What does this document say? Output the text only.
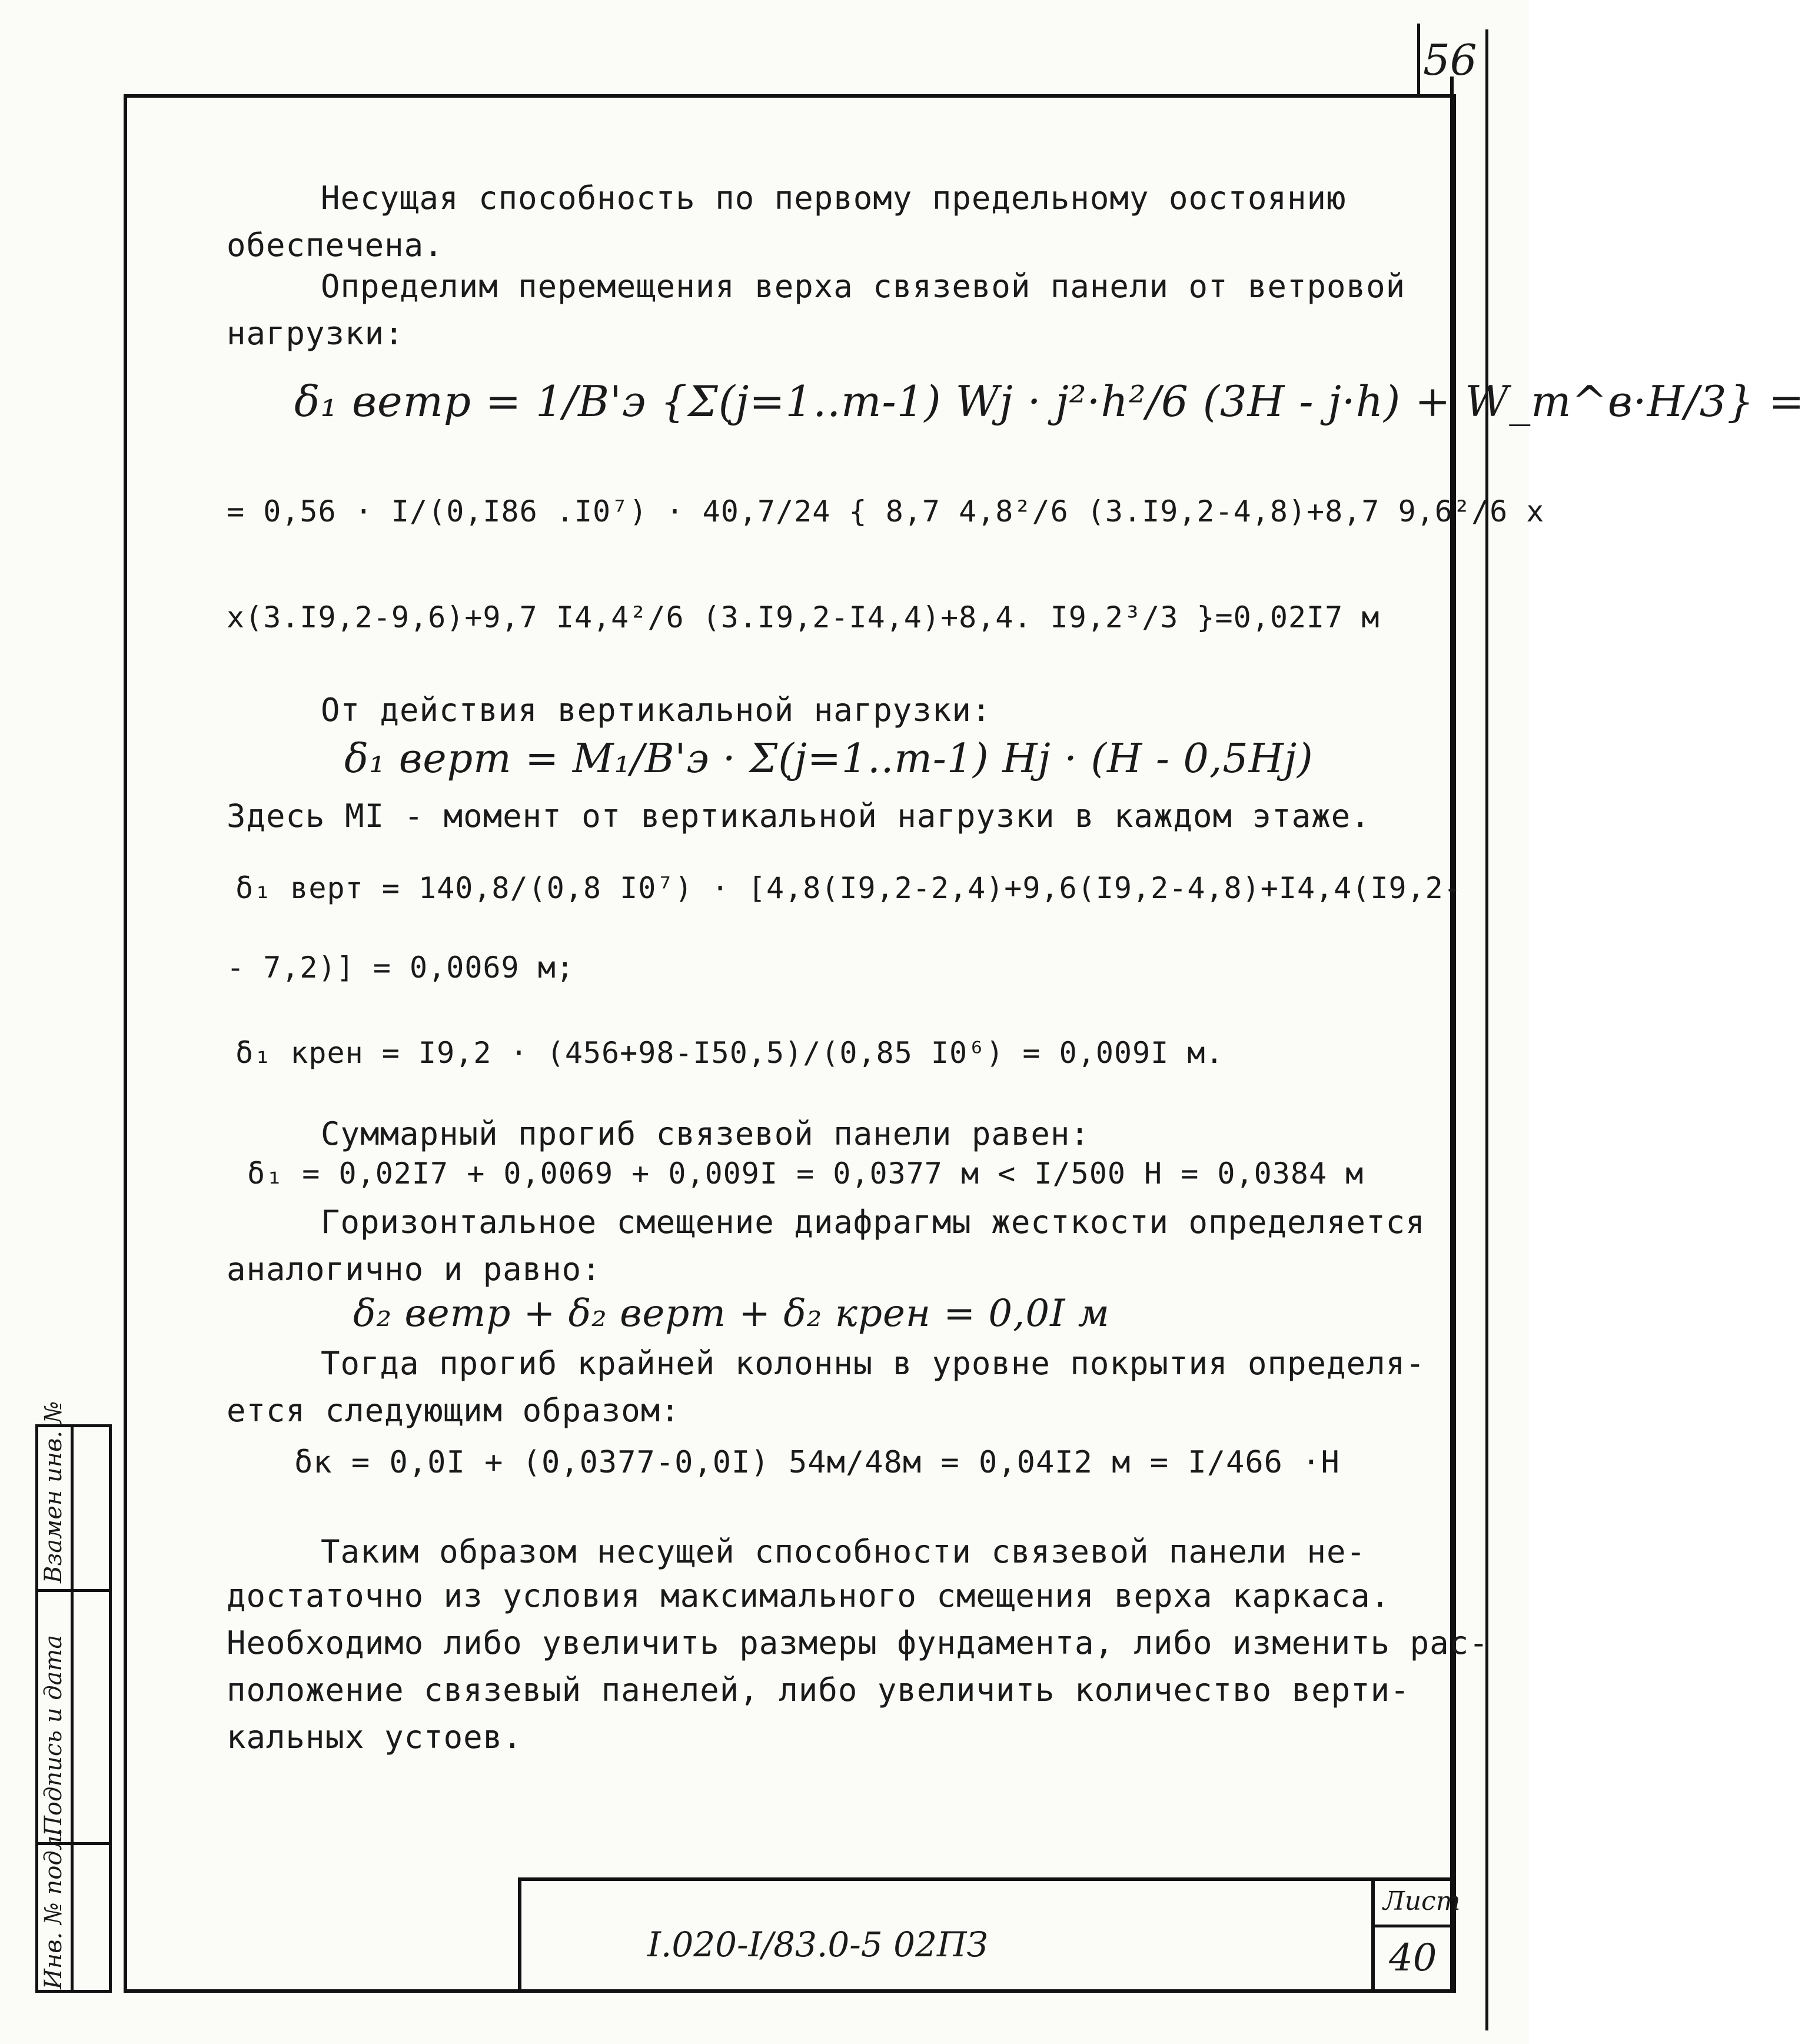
56
Взамен инв. №
Подпись и дата
Инв. № подл.
Несущая способность по первому предельному оостоянию
обеспечена.
Определим перемещения верха связевой панели от ветровой
нагрузки:
δ₁ ветр = 1/B'э {Σ(j=1..m-1) Wj · j²·h²/6 (3H - j·h) + W_m^в·H/3} =
= 0,56 · I/(0,I86 .I0⁷) · 40,7/24 { 8,7 4,8²/6 (3.I9,2-4,8)+8,7 9,6²/6 x
x(3.I9,2-9,6)+9,7 I4,4²/6 (3.I9,2-I4,4)+8,4. I9,2³/3 }=0,02I7 м
От действия вертикальной нагрузки:
δ₁ верт = M₁/B'э · Σ(j=1..m-1) Hj · (H - 0,5Hj)
Здесь MI - момент от вертикальной нагрузки в каждом этаже.
δ₁ верт = 140,8/(0,8 I0⁷) · [4,8(I9,2-2,4)+9,6(I9,2-4,8)+I4,4(I9,2-
- 7,2)] = 0,0069 м;
δ₁ крен = I9,2 · (456+98-I50,5)/(0,85 I0⁶) = 0,009I м.
Суммарный прогиб связевой панели равен:
δ₁ = 0,02I7 + 0,0069 + 0,009I = 0,0377 м < I/500 H = 0,0384 м
Горизонтальное смещение диафрагмы жесткости определяется
аналогично и равно:
δ₂ ветр + δ₂ верт + δ₂ крен = 0,0I м
Тогда прогиб крайней колонны в уровне покрытия определя-
ется следующим образом:
δк = 0,0I + (0,0377-0,0I) 54м/48м = 0,04I2 м = I/466 ·H
Таким образом несущей способности связевой панели не-
достаточно из условия максимального смещения верха каркаса.
Необходимо либо увеличить размеры фундамента, либо изменить рас-
положение связевый панелей, либо увеличить количество верти-
кальных устоев.
I.020-I/83.0-5 02ПЗ
Лист
40
